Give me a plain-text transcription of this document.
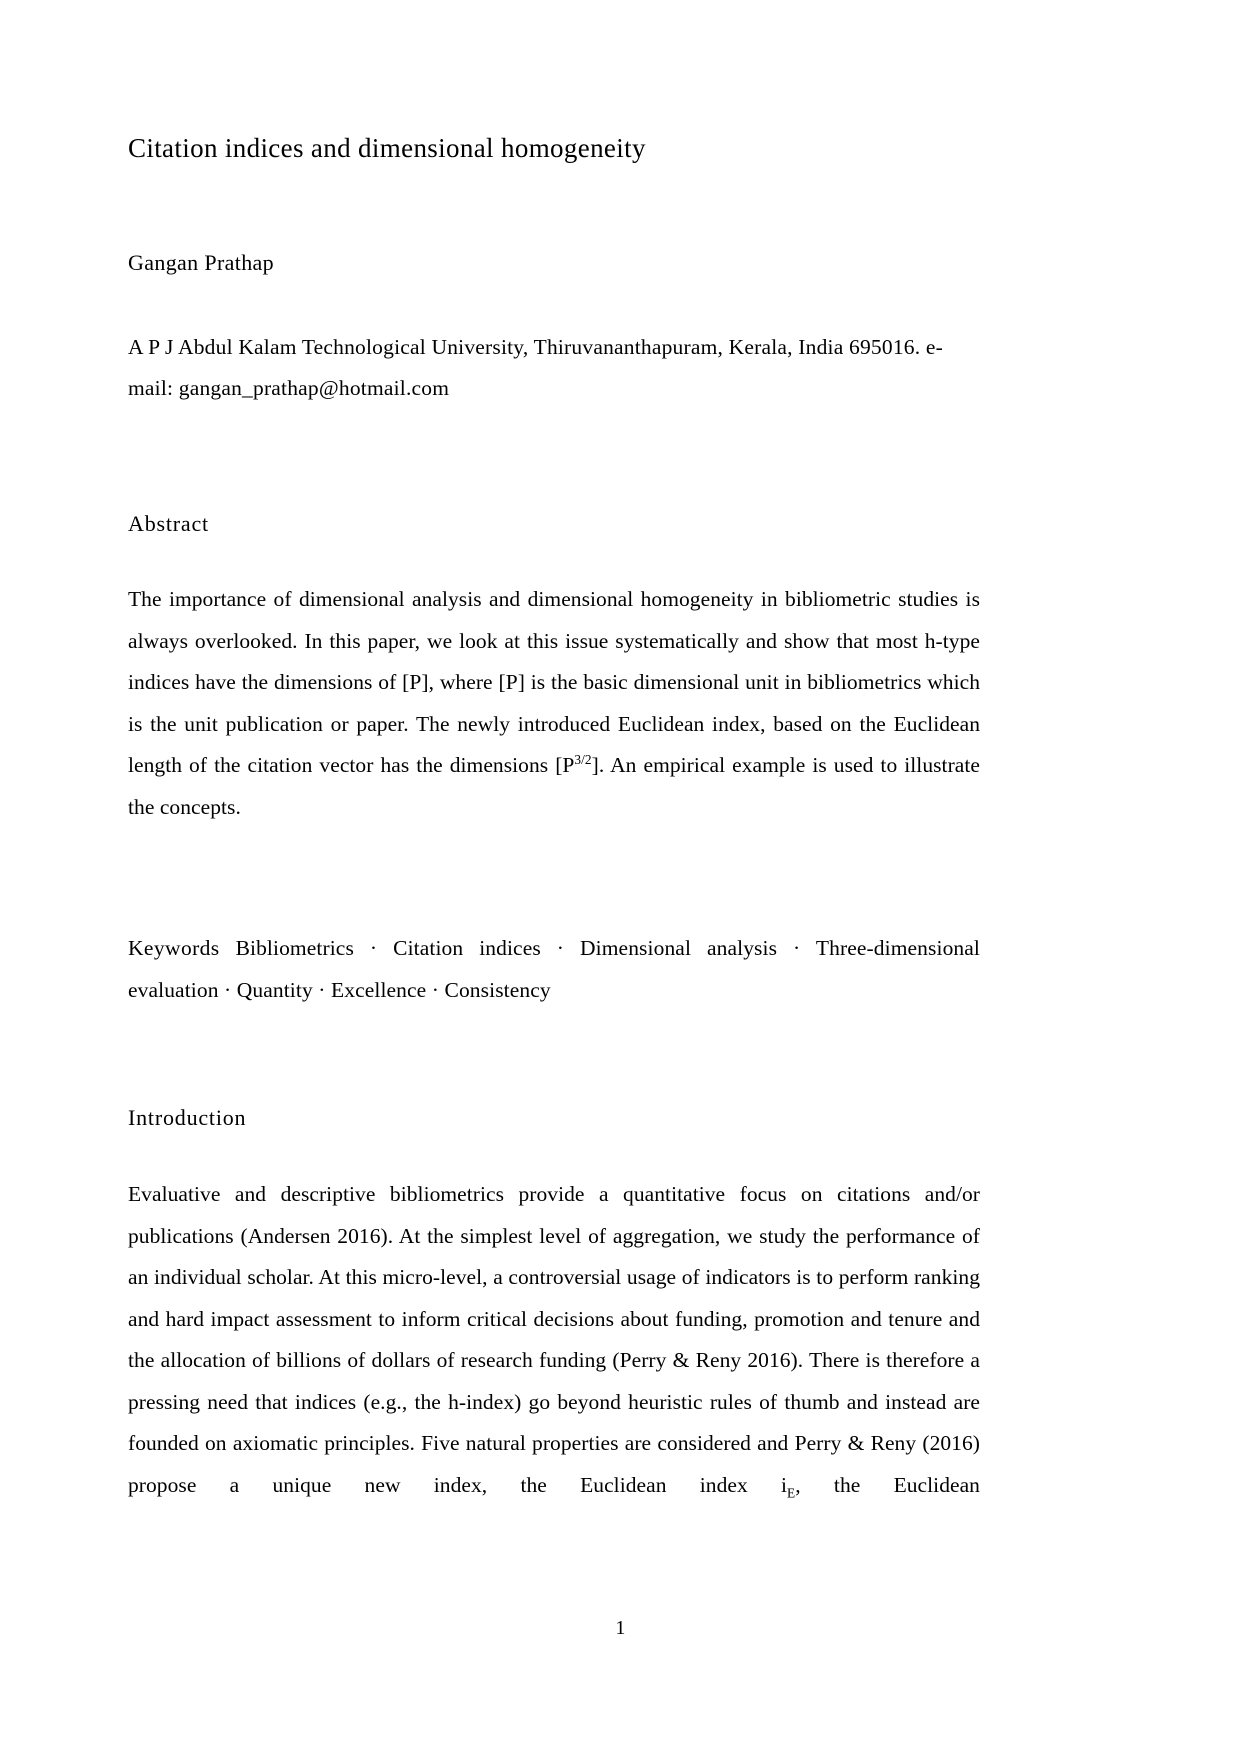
Citation indices and dimensional homogeneity
Gangan Prathap
A P J Abdul Kalam Technological University, Thiruvananthapuram, Kerala, India 695016. e-
mail: gangan_prathap@hotmail.com
Abstract

The importance of dimensional analysis and dimensional homogeneity in bibliometric studies is always overlooked. In this paper, we look at this issue systematically and show that most h-type indices have the dimensions of [P], where [P] is the basic dimensional unit in bibliometrics which is the unit publication or paper. The newly introduced Euclidean index, based on the Euclidean length of the citation vector has the dimensions $[P^{3/2}]$. An empirical example is used to illustrate the concepts.

Keywords Bibliometrics · Citation indices · Dimensional analysis · Three-dimensional evaluation · Quantity · Excellence · Consistency

Introduction

Evaluative and descriptive bibliometrics provide a quantitative focus on citations and/or publications (Andersen 2016). At the simplest level of aggregation, we study the performance of an individual scholar. At this micro-level, a controversial usage of indicators is to perform ranking and hard impact assessment to inform critical decisions about funding, promotion and tenure and the allocation of billions of dollars of research funding (Perry & Reny 2016). There is therefore a pressing need that indices (e.g., the h-index) go beyond heuristic rules of thumb and instead are founded on axiomatic principles. Five natural properties are considered and Perry & Reny (2016) propose a unique new index, the Euclidean index $i_E$, the Euclidean

1
